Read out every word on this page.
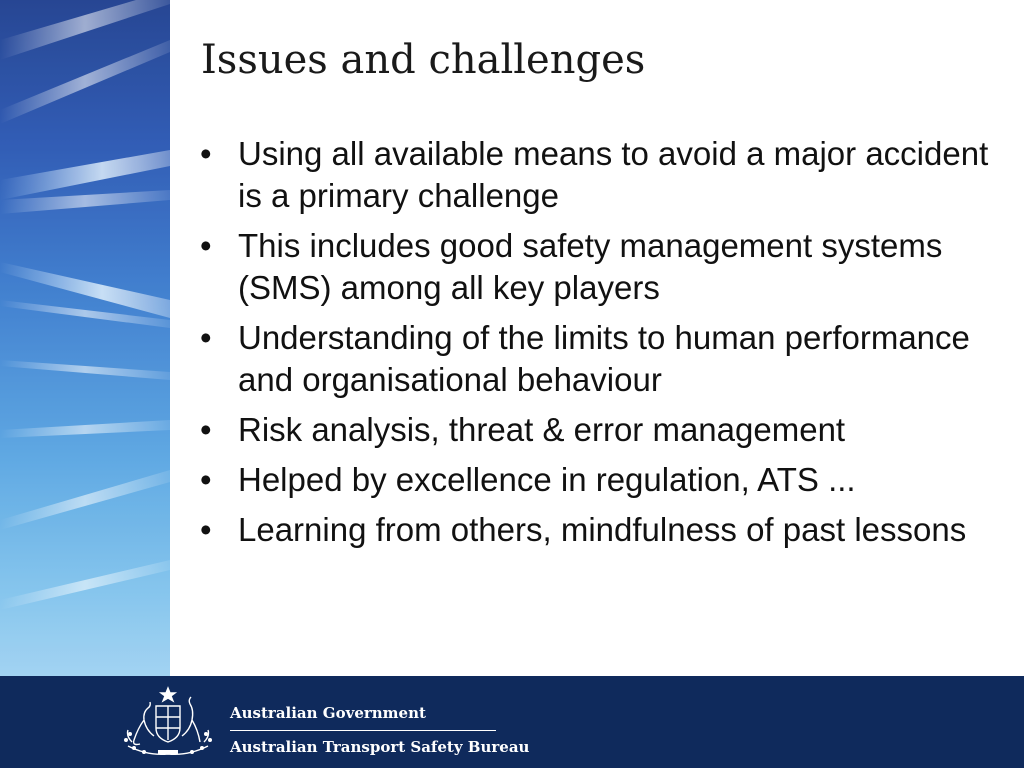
Issues and challenges
• Using all available means to avoid a major accident is a primary challenge
• This includes good safety management systems (SMS) among all key players
• Understanding of the limits to human performance and organisational behaviour
• Risk analysis, threat & error management
• Helped by excellence in regulation, ATS ...
• Learning from others, mindfulness of past lessons
Australian Government
Australian Transport Safety Bureau
